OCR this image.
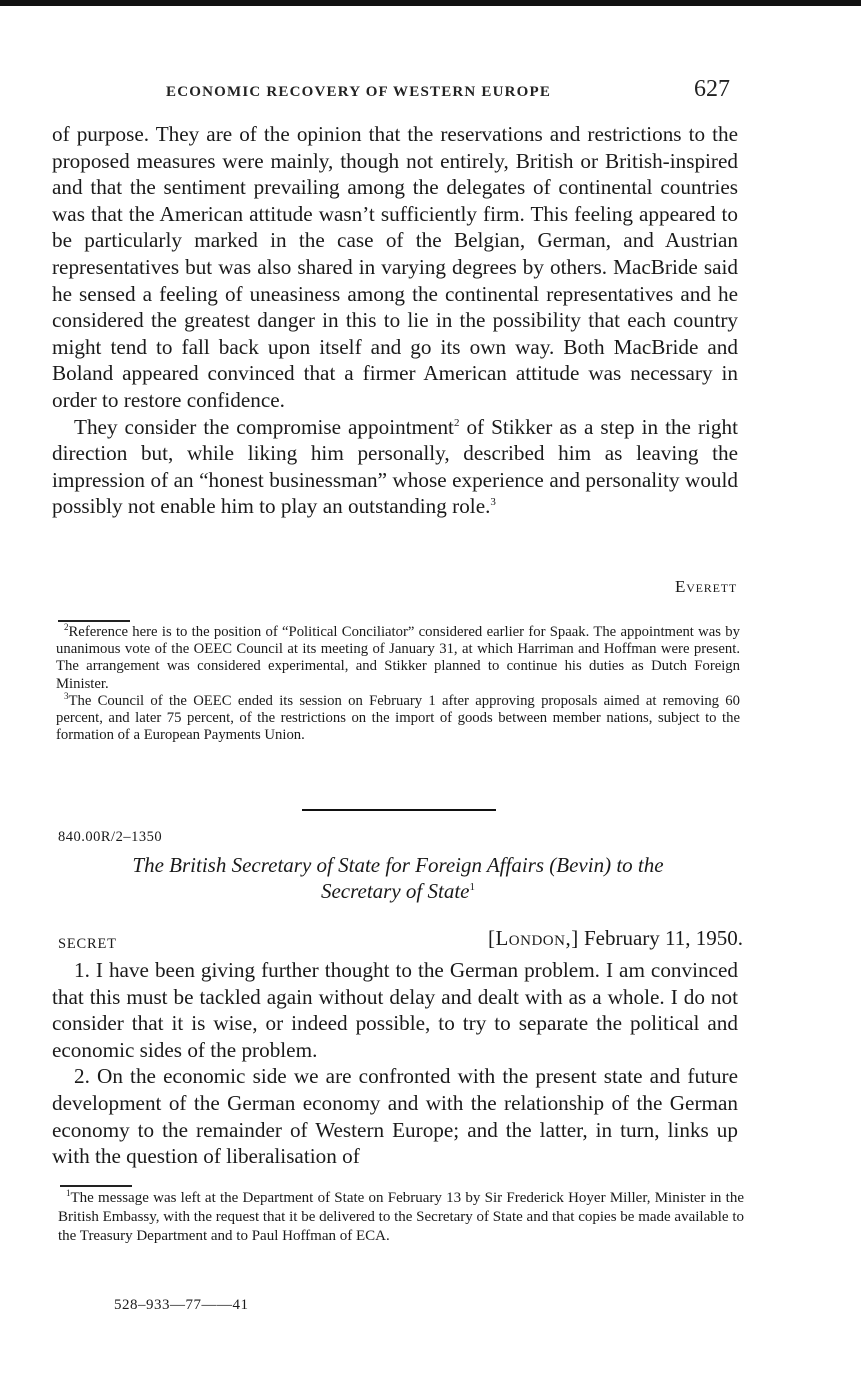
ECONOMIC RECOVERY OF WESTERN EUROPE	627

of purpose. They are of the opinion that the reservations and restrictions to the proposed measures were mainly, though not entirely, British or British-inspired and that the sentiment prevailing among the delegates of continental countries was that the American attitude wasn’t sufficiently firm. This feeling appeared to be particularly marked in the case of the Belgian, German, and Austrian representatives but was also shared in varying degrees by others. MacBride said he sensed a feeling of uneasiness among the continental representatives and he considered the greatest danger in this to lie in the possibility that each country might tend to fall back upon itself and go its own way. Both MacBride and Boland appeared convinced that a firmer American attitude was necessary in order to restore confidence.

They consider the compromise appointment$^2$ of Stikker as a step in the right direction but, while liking him personally, described him as leaving the impression of an “honest businessman” whose experience and personality would possibly not enable him to play an outstanding role.$^3$

Everett

$^2$Reference here is to the position of “Political Conciliator” considered earlier for Spaak. The appointment was by unanimous vote of the OEEC Council at its meeting of January 31, at which Harriman and Hoffman were present. The arrangement was considered experimental, and Stikker planned to continue his duties as Dutch Foreign Minister.

$^3$The Council of the OEEC ended its session on February 1 after approving proposals aimed at removing 60 percent, and later 75 percent, of the restrictions on the import of goods between member nations, subject to the formation of a European Payments Union.

840.00R/2–1350
The British Secretary of State for Foreign Affairs (Bevin) to the
Secretary of State$^1$
SECRET	[London,] February 11, 1950.

1. I have been giving further thought to the German problem. I am convinced that this must be tackled again without delay and dealt with as a whole. I do not consider that it is wise, or indeed possible, to try to separate the political and economic sides of the problem.

2. On the economic side we are confronted with the present state and future development of the German economy and with the relationship of the German economy to the remainder of Western Europe; and the latter, in turn, links up with the question of liberalisation of

$^1$The message was left at the Department of State on February 13 by Sir Frederick Hoyer Miller, Minister in the British Embassy, with the request that it be delivered to the Secretary of State and that copies be made available to the Treasury Department and to Paul Hoffman of ECA.

528–933—77——41
